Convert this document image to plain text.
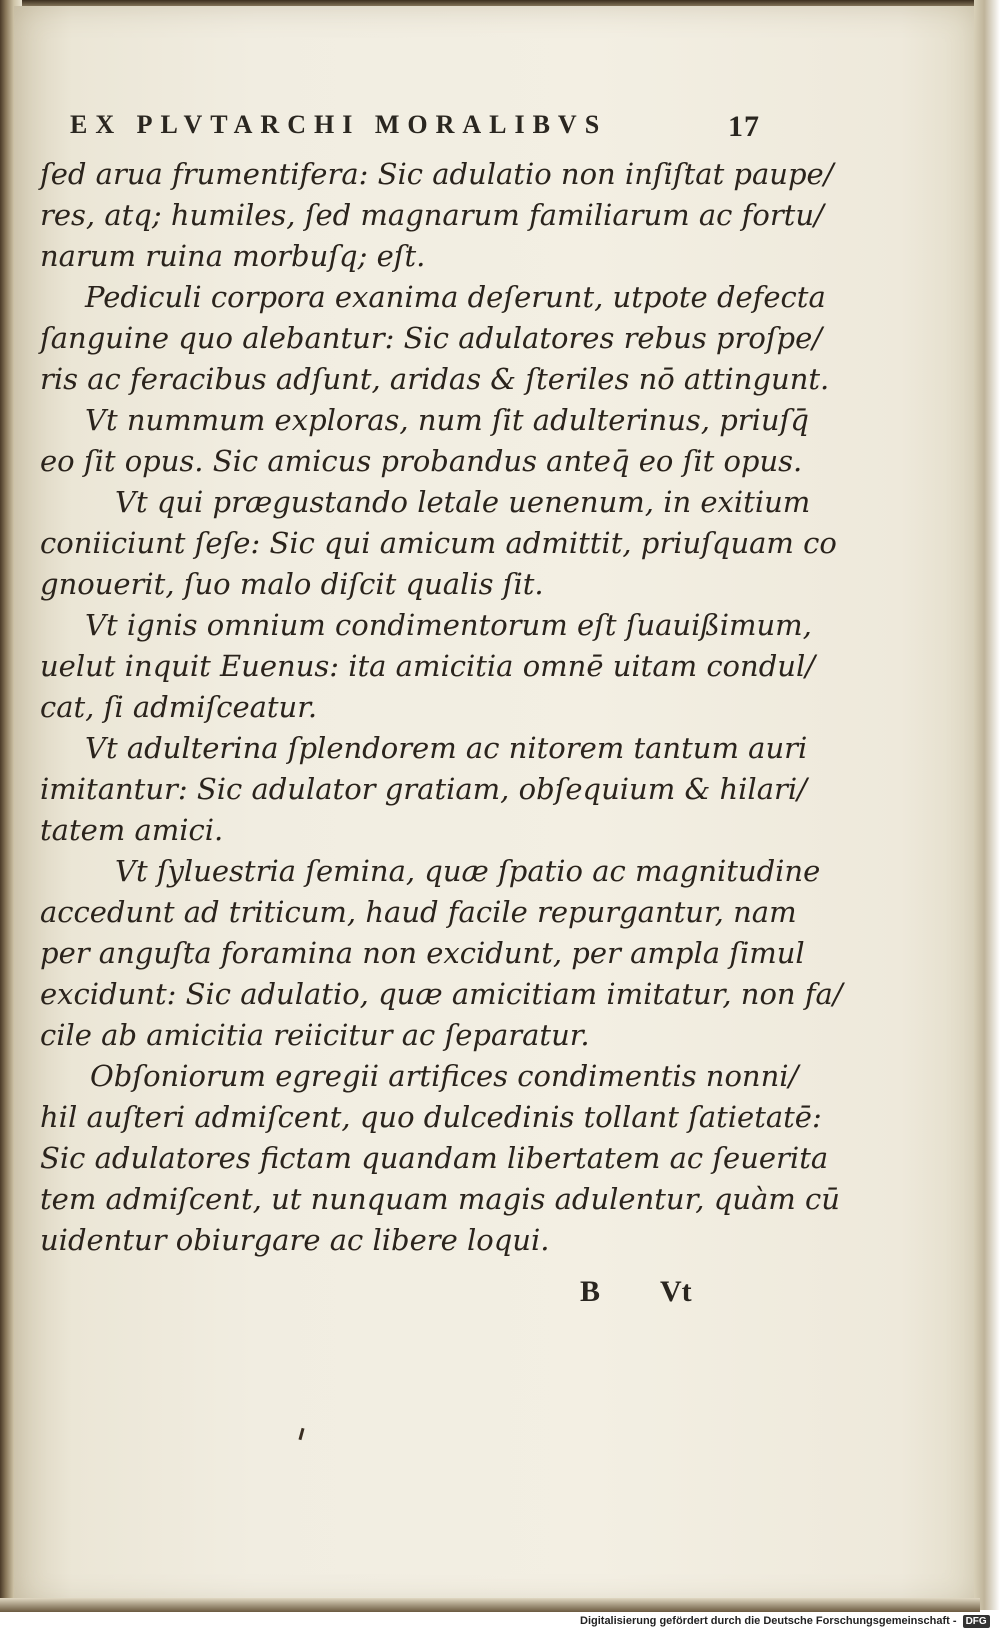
EX PLVTARCHI MORALIBVS	17
ſed arua frumentifera: Sic adulatio non inſiſtat paupe/
res, atq; humiles, ſed magnarum familiarum ac fortu/
narum ruina morbuſq; eſt.
Pediculi corpora exanima deſerunt, utpote defecta
ſanguine quo alebantur: Sic adulatores rebus proſpe/
ris ac feracibus adſunt, aridas & ſteriles nō attingunt.
Vt nummum exploras, num ſit adulterinus, priuſq̄
eo ſit opus. Sic amicus probandus anteq̄ eo ſit opus.
Vt qui prægustando letale uenenum, in exitium
coniiciunt ſeſe: Sic qui amicum admittit, priuſquam co
gnouerit, ſuo malo diſcit qualis ſit.
Vt ignis omnium condimentorum eſt ſuauißimum,
uelut inquit Euenus: ita amicitia omnē uitam condul/
cat, ſi admiſceatur.
Vt adulterina ſplendorem ac nitorem tantum auri
imitantur: Sic adulator gratiam, obſequium & hilari/
tatem amici.
Vt ſyluestria ſemina, quæ ſpatio ac magnitudine
accedunt ad triticum, haud facile repurgantur, nam
per anguſta foramina non excidunt, per ampla ſimul
excidunt: Sic adulatio, quæ amicitiam imitatur, non fa/
cile ab amicitia reiicitur ac ſeparatur.
Obſoniorum egregii artifices condimentis nonni/
hil auſteri admiſcent, quo dulcedinis tollant ſatietatē:
Sic adulatores fictam quandam libertatem ac ſeuerita
tem admiſcent, ut nunquam magis adulentur, quàm cū
uidentur obiurgare ac libere loqui.
B Vt
Digitalisierung gefördert durch die Deutsche Forschungsgemeinschaft - DFG
